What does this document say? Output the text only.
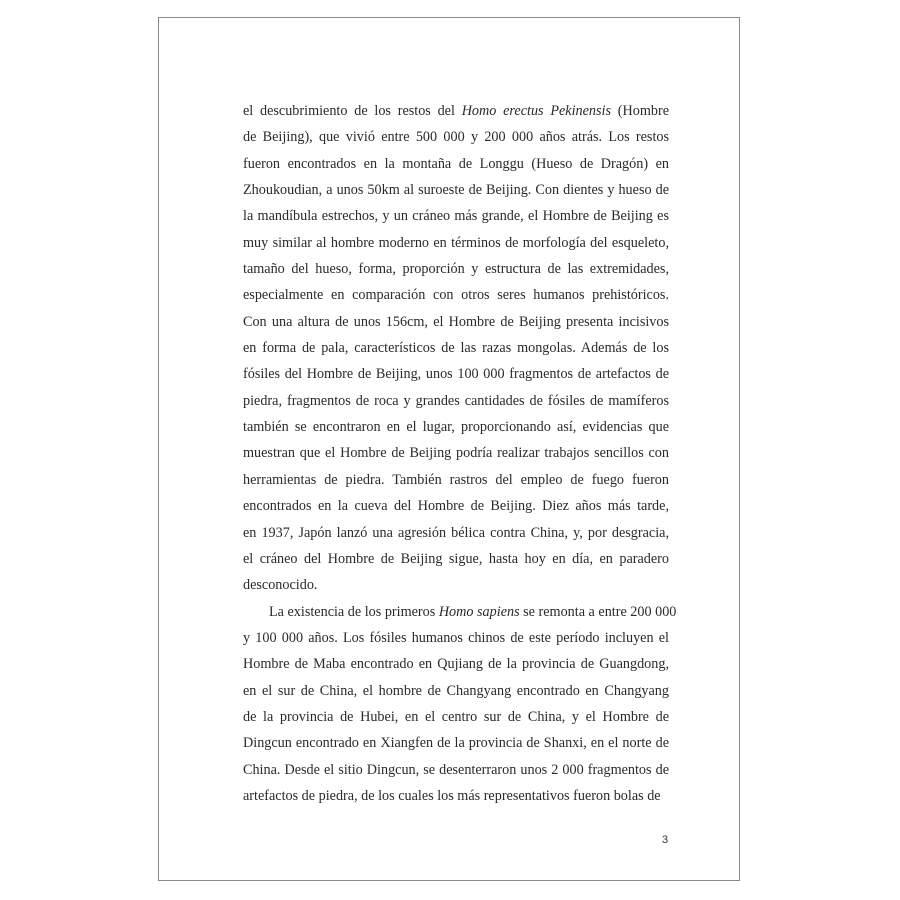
el descubrimiento de los restos del Homo erectus Pekinensis (Hombre
de Beijing), que vivió entre 500 000 y 200 000 años atrás. Los restos
fueron encontrados en la montaña de Longgu (Hueso de Dragón) en
Zhoukoudian, a unos 50km al suroeste de Beijing. Con dientes y hueso de
la mandíbula estrechos, y un cráneo más grande, el Hombre de Beijing es
muy similar al hombre moderno en términos de morfología del esqueleto,
tamaño del hueso, forma, proporción y estructura de las extremidades,
especialmente en comparación con otros seres humanos prehistóricos.
Con una altura de unos 156cm, el Hombre de Beijing presenta incisivos
en forma de pala, característicos de las razas mongolas. Además de los
fósiles del Hombre de Beijing, unos 100 000 fragmentos de artefactos de
piedra, fragmentos de roca y grandes cantidades de fósiles de mamíferos
también se encontraron en el lugar, proporcionando así, evidencias que
muestran que el Hombre de Beijing podría realizar trabajos sencillos con
herramientas de piedra. También rastros del empleo de fuego fueron
encontrados en la cueva del Hombre de Beijing. Diez años más tarde,
en 1937, Japón lanzó una agresión bélica contra China, y, por desgracia,
el cráneo del Hombre de Beijing sigue, hasta hoy en día, en paradero
desconocido.
La existencia de los primeros Homo sapiens se remonta a entre 200 000
y 100 000 años. Los fósiles humanos chinos de este período incluyen el
Hombre de Maba encontrado en Qujiang de la provincia de Guangdong,
en el sur de China, el hombre de Changyang encontrado en Changyang
de la provincia de Hubei, en el centro sur de China, y el Hombre de
Dingcun encontrado en Xiangfen de la provincia de Shanxi, en el norte de
China. Desde el sitio Dingcun, se desenterraron unos 2 000 fragmentos de
artefactos de piedra, de los cuales los más representativos fueron bolas de
3
